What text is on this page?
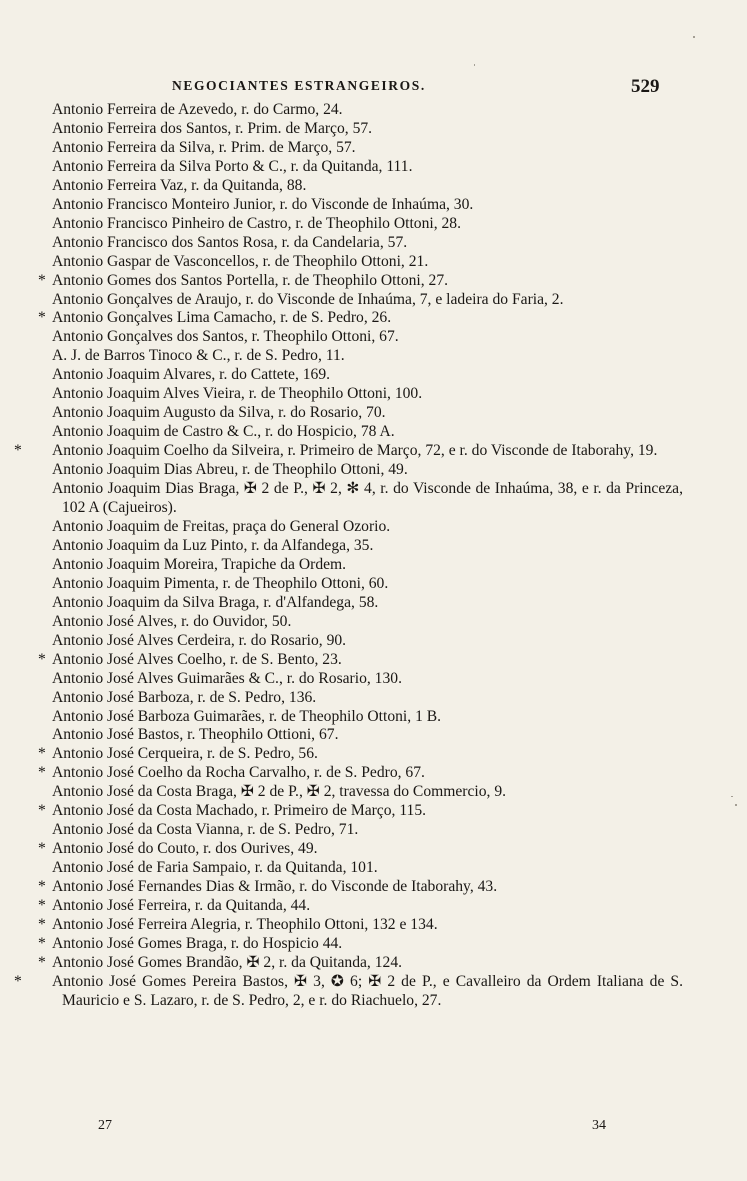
NEGOCIANTES ESTRANGEIROS.	529
Antonio Ferreira de Azevedo, r. do Carmo, 24.
Antonio Ferreira dos Santos, r. Prim. de Março, 57.
Antonio Ferreira da Silva, r. Prim. de Março, 57.
Antonio Ferreira da Silva Porto & C., r. da Quitanda, 111.
Antonio Ferreira Vaz, r. da Quitanda, 88.
Antonio Francisco Monteiro Junior, r. do Visconde de Inhaúma, 30.
Antonio Francisco Pinheiro de Castro, r. de Theophilo Ottoni, 28.
Antonio Francisco dos Santos Rosa, r. da Candelaria, 57.
Antonio Gaspar de Vasconcellos, r. de Theophilo Ottoni, 21.
* Antonio Gomes dos Santos Portella, r. de Theophilo Ottoni, 27.
Antonio Gonçalves de Araujo, r. do Visconde de Inhaúma, 7, e ladeira do Faria, 2.
* Antonio Gonçalves Lima Camacho, r. de S. Pedro, 26.
Antonio Gonçalves dos Santos, r. Theophilo Ottoni, 67.
A. J. de Barros Tinoco & C., r. de S. Pedro, 11.
Antonio Joaquim Alvares, r. do Cattete, 169.
Antonio Joaquim Alves Vieira, r. de Theophilo Ottoni, 100.
Antonio Joaquim Augusto da Silva, r. do Rosario, 70.
Antonio Joaquim de Castro & C., r. do Hospicio, 78 A.
* Antonio Joaquim Coelho da Silveira, r. Primeiro de Março, 72, e r. do Visconde de Itaborahy, 19.
Antonio Joaquim Dias Abreu, r. de Theophilo Ottoni, 49.
Antonio Joaquim Dias Braga, ✠ 2 de P., ✠ 2, ✻ 4, r. do Visconde de Inhaúma, 38, e r. da Princeza, 102 A (Cajueiros).
Antonio Joaquim de Freitas, praça do General Ozorio.
Antonio Joaquim da Luz Pinto, r. da Alfandega, 35.
Antonio Joaquim Moreira, Trapiche da Ordem.
Antonio Joaquim Pimenta, r. de Theophilo Ottoni, 60.
Antonio Joaquim da Silva Braga, r. d'Alfandega, 58.
Antonio José Alves, r. do Ouvidor, 50.
Antonio José Alves Cerdeira, r. do Rosario, 90.
* Antonio José Alves Coelho, r. de S. Bento, 23.
Antonio José Alves Guimarães & C., r. do Rosario, 130.
Antonio José Barboza, r. de S. Pedro, 136.
Antonio José Barboza Guimarães, r. de Theophilo Ottoni, 1 B.
Antonio José Bastos, r. Theophilo Ottioni, 67.
* Antonio José Cerqueira, r. de S. Pedro, 56.
* Antonio José Coelho da Rocha Carvalho, r. de S. Pedro, 67.
Antonio José da Costa Braga, ✠ 2 de P., ✠ 2, travessa do Commercio, 9.
* Antonio José da Costa Machado, r. Primeiro de Março, 115.
Antonio José da Costa Vianna, r. de S. Pedro, 71.
* Antonio José do Couto, r. dos Ourives, 49.
Antonio José de Faria Sampaio, r. da Quitanda, 101.
* Antonio José Fernandes Dias & Irmão, r. do Visconde de Itaborahy, 43.
* Antonio José Ferreira, r. da Quitanda, 44.
* Antonio José Ferreira Alegria, r. Theophilo Ottoni, 132 e 134.
* Antonio José Gomes Braga, r. do Hospicio 44.
* Antonio José Gomes Brandão, ✠ 2, r. da Quitanda, 124.
* Antonio José Gomes Pereira Bastos, ✠ 3, ✪ 6; ✠ 2 de P., e Cavalleiro da Ordem Italiana de S. Mauricio e S. Lazaro, r. de S. Pedro, 2, e r. do Riachuelo, 27.
27	34
